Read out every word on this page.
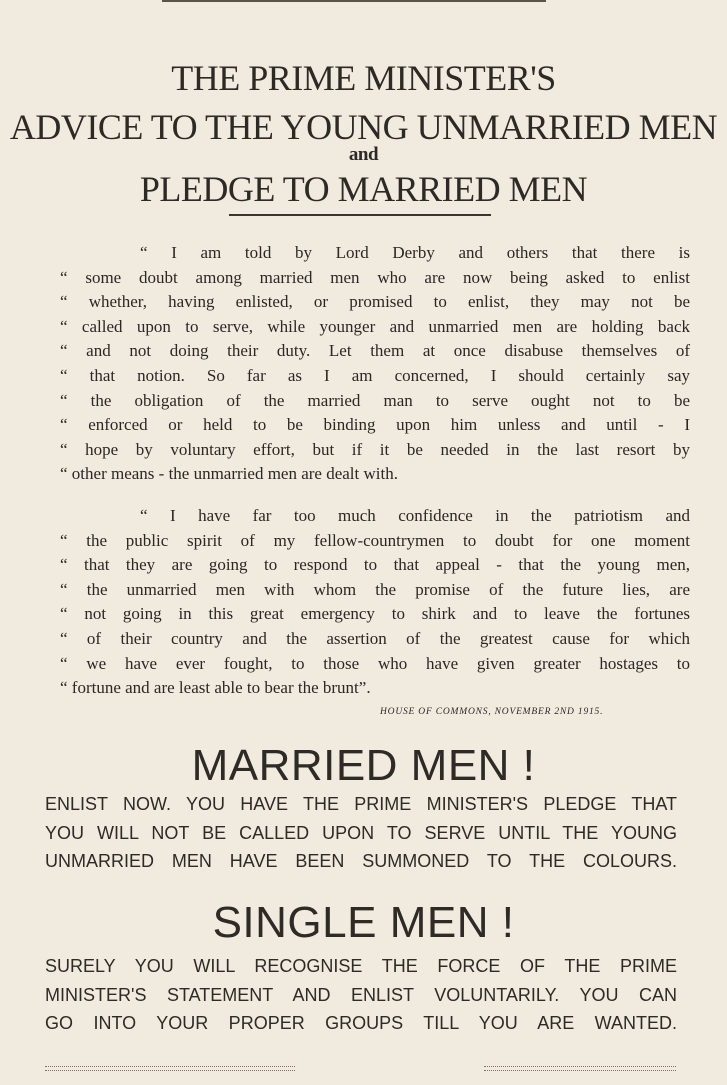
THE PRIME MINISTER'S
ADVICE TO THE YOUNG UNMARRIED MEN
and
PLEDGE TO MARRIED MEN
“ I am told by Lord Derby and others that there is
“ some doubt among married men who are now being asked to enlist
“ whether, having enlisted, or promised to enlist, they may not be
“ called upon to serve, while younger and unmarried men are holding back
“ and not doing their duty. Let them at once disabuse themselves of
“ that notion. So far as I am concerned, I should certainly say
“ the obligation of the married man to serve ought not to be
“ enforced or held to be binding upon him unless and until - I
“ hope by voluntary effort, but if it be needed in the last resort by
“ other means - the unmarried men are dealt with.
“ I have far too much confidence in the patriotism and
“ the public spirit of my fellow-countrymen to doubt for one moment
“ that they are going to respond to that appeal - that the young men,
“ the unmarried men with whom the promise of the future lies, are
“ not going in this great emergency to shirk and to leave the fortunes
“ of their country and the assertion of the greatest cause for which
“ we have ever fought, to those who have given greater hostages to
“ fortune and are least able to bear the brunt”.
HOUSE OF COMMONS, NOVEMBER 2ND 1915.
MARRIED MEN !
ENLIST NOW. YOU HAVE THE PRIME MINISTER'S PLEDGE THAT
YOU WILL NOT BE CALLED UPON TO SERVE UNTIL THE YOUNG
UNMARRIED MEN HAVE BEEN SUMMONED TO THE COLOURS.
SINGLE MEN !
SURELY YOU WILL RECOGNISE THE FORCE OF THE PRIME
MINISTER'S STATEMENT AND ENLIST VOLUNTARILY. YOU CAN
GO INTO YOUR PROPER GROUPS TILL YOU ARE WANTED.
